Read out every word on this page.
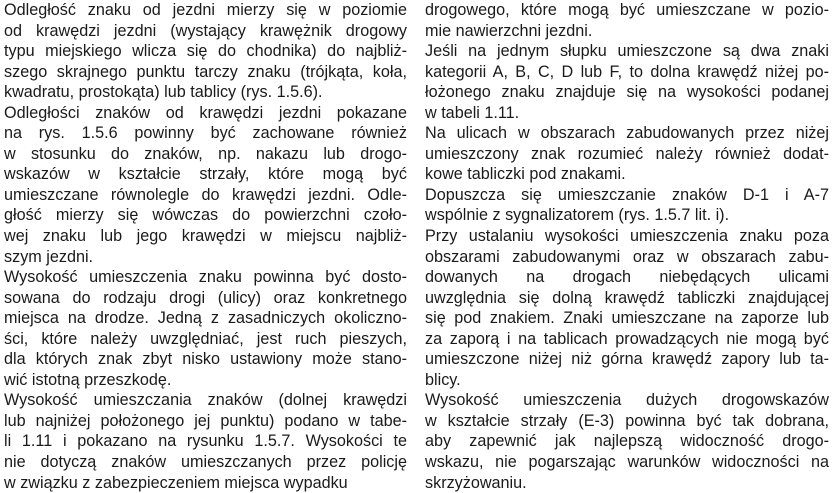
Odległość znaku od jezdni mierzy się w poziomie
od krawędzi jezdni (wystający krawężnik drogowy
typu miejskiego wlicza się do chodnika) do najbliż-
szego skrajnego punktu tarczy znaku (trójkąta, koła,
kwadratu, prostokąta) lub tablicy (rys. 1.5.6).
Odległości znaków od krawędzi jezdni pokazane
na rys. 1.5.6 powinny być zachowane również
w stosunku do znaków, np. nakazu lub drogo-
wskazów w kształcie strzały, które mogą być
umieszczane równolegle do krawędzi jezdni. Odle-
głość mierzy się wówczas do powierzchni czoło-
wej znaku lub jego krawędzi w miejscu najbliż-
szym jezdni.
Wysokość umieszczenia znaku powinna być dosto-
sowana do rodzaju drogi (ulicy) oraz konkretnego
miejsca na drodze. Jedną z zasadniczych okoliczno-
ści, które należy uwzględniać, jest ruch pieszych,
dla których znak zbyt nisko ustawiony może stano-
wić istotną przeszkodę.
Wysokość umieszczania znaków (dolnej krawędzi
lub najniżej położonego jej punktu) podano w tabe-
li 1.11 i pokazano na rysunku 1.5.7. Wysokości te
nie dotyczą znaków umieszczanych przez policję
w związku z zabezpieczeniem miejsca wypadku
drogowego, które mogą być umieszczane w pozio-
mie nawierzchni jezdni.
Jeśli na jednym słupku umieszczone są dwa znaki
kategorii A, B, C, D lub F, to dolna krawędź niżej po-
łożonego znaku znajduje się na wysokości podanej
w tabeli 1.11.
Na ulicach w obszarach zabudowanych przez niżej
umieszczony znak rozumieć należy również dodat-
kowe tabliczki pod znakami.
Dopuszcza się umieszczanie znaków D-1 i A-7
wspólnie z sygnalizatorem (rys. 1.5.7 lit. i).
Przy ustalaniu wysokości umieszczenia znaku poza
obszarami zabudowanymi oraz w obszarach zabu-
dowanych na drogach niebędących ulicami
uwzględnia się dolną krawędź tabliczki znajdującej
się pod znakiem. Znaki umieszczane na zaporze lub
za zaporą i na tablicach prowadzących nie mogą być
umieszczone niżej niż górna krawędź zapory lub ta-
blicy.
Wysokość umieszczenia dużych drogowskazów
w kształcie strzały (E-3) powinna być tak dobrana,
aby zapewnić jak najlepszą widoczność drogo-
wskazu, nie pogarszając warunków widoczności na
skrzyżowaniu.
